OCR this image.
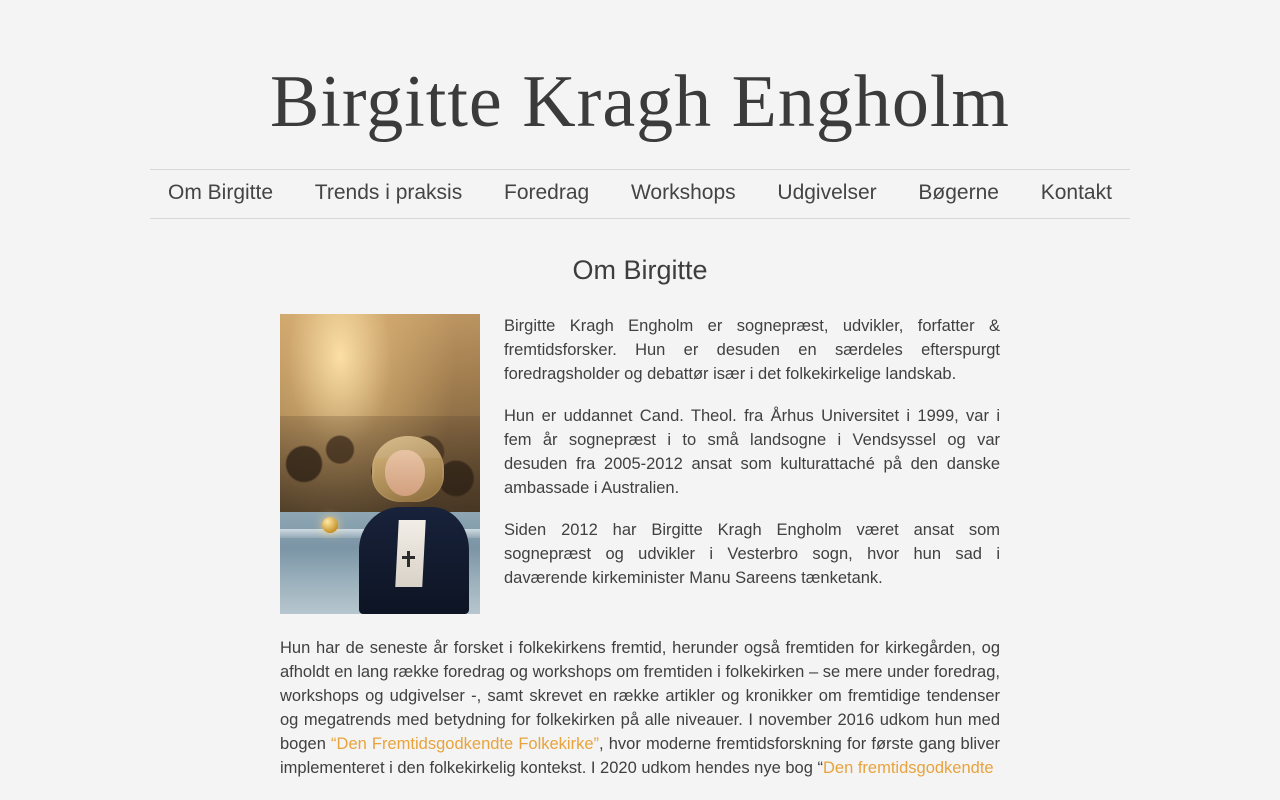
Birgitte Kragh Engholm
Om Birgitte Trends i praksis Foredrag Workshops Udgivelser Bøgerne Kontakt
Om Birgitte

Birgitte Kragh Engholm er sognepræst, udvikler, forfatter & fremtidsforsker. Hun er desuden en særdeles efterspurgt foredragsholder og debattør især i det folkekirkelige landskab.

Hun er uddannet Cand. Theol. fra Århus Universitet i 1999, var i fem år sognepræst i to små landsogne i Vendsyssel og var desuden fra 2005-2012 ansat som kulturattaché på den danske ambassade i Australien.

Siden 2012 har Birgitte Kragh Engholm været ansat som sognepræst og udvikler i Vesterbro sogn, hvor hun sad i daværende kirkeminister Manu Sareens tænketank.

Hun har de seneste år forsket i folkekirkens fremtid, herunder også fremtiden for kirkegården, og afholdt en lang række foredrag og workshops om fremtiden i folkekirken – se mere under foredrag, workshops og udgivelser -, samt skrevet en række artikler og kronikker om fremtidige tendenser og megatrends med betydning for folkekirken på alle niveauer. I november 2016 udkom hun med bogen “Den Fremtidsgodkendte Folkekirke”, hvor moderne fremtidsforskning for første gang bliver implementeret i den folkekirkelig kontekst. I 2020 udkom hendes nye bog “Den fremtidsgodkendte
